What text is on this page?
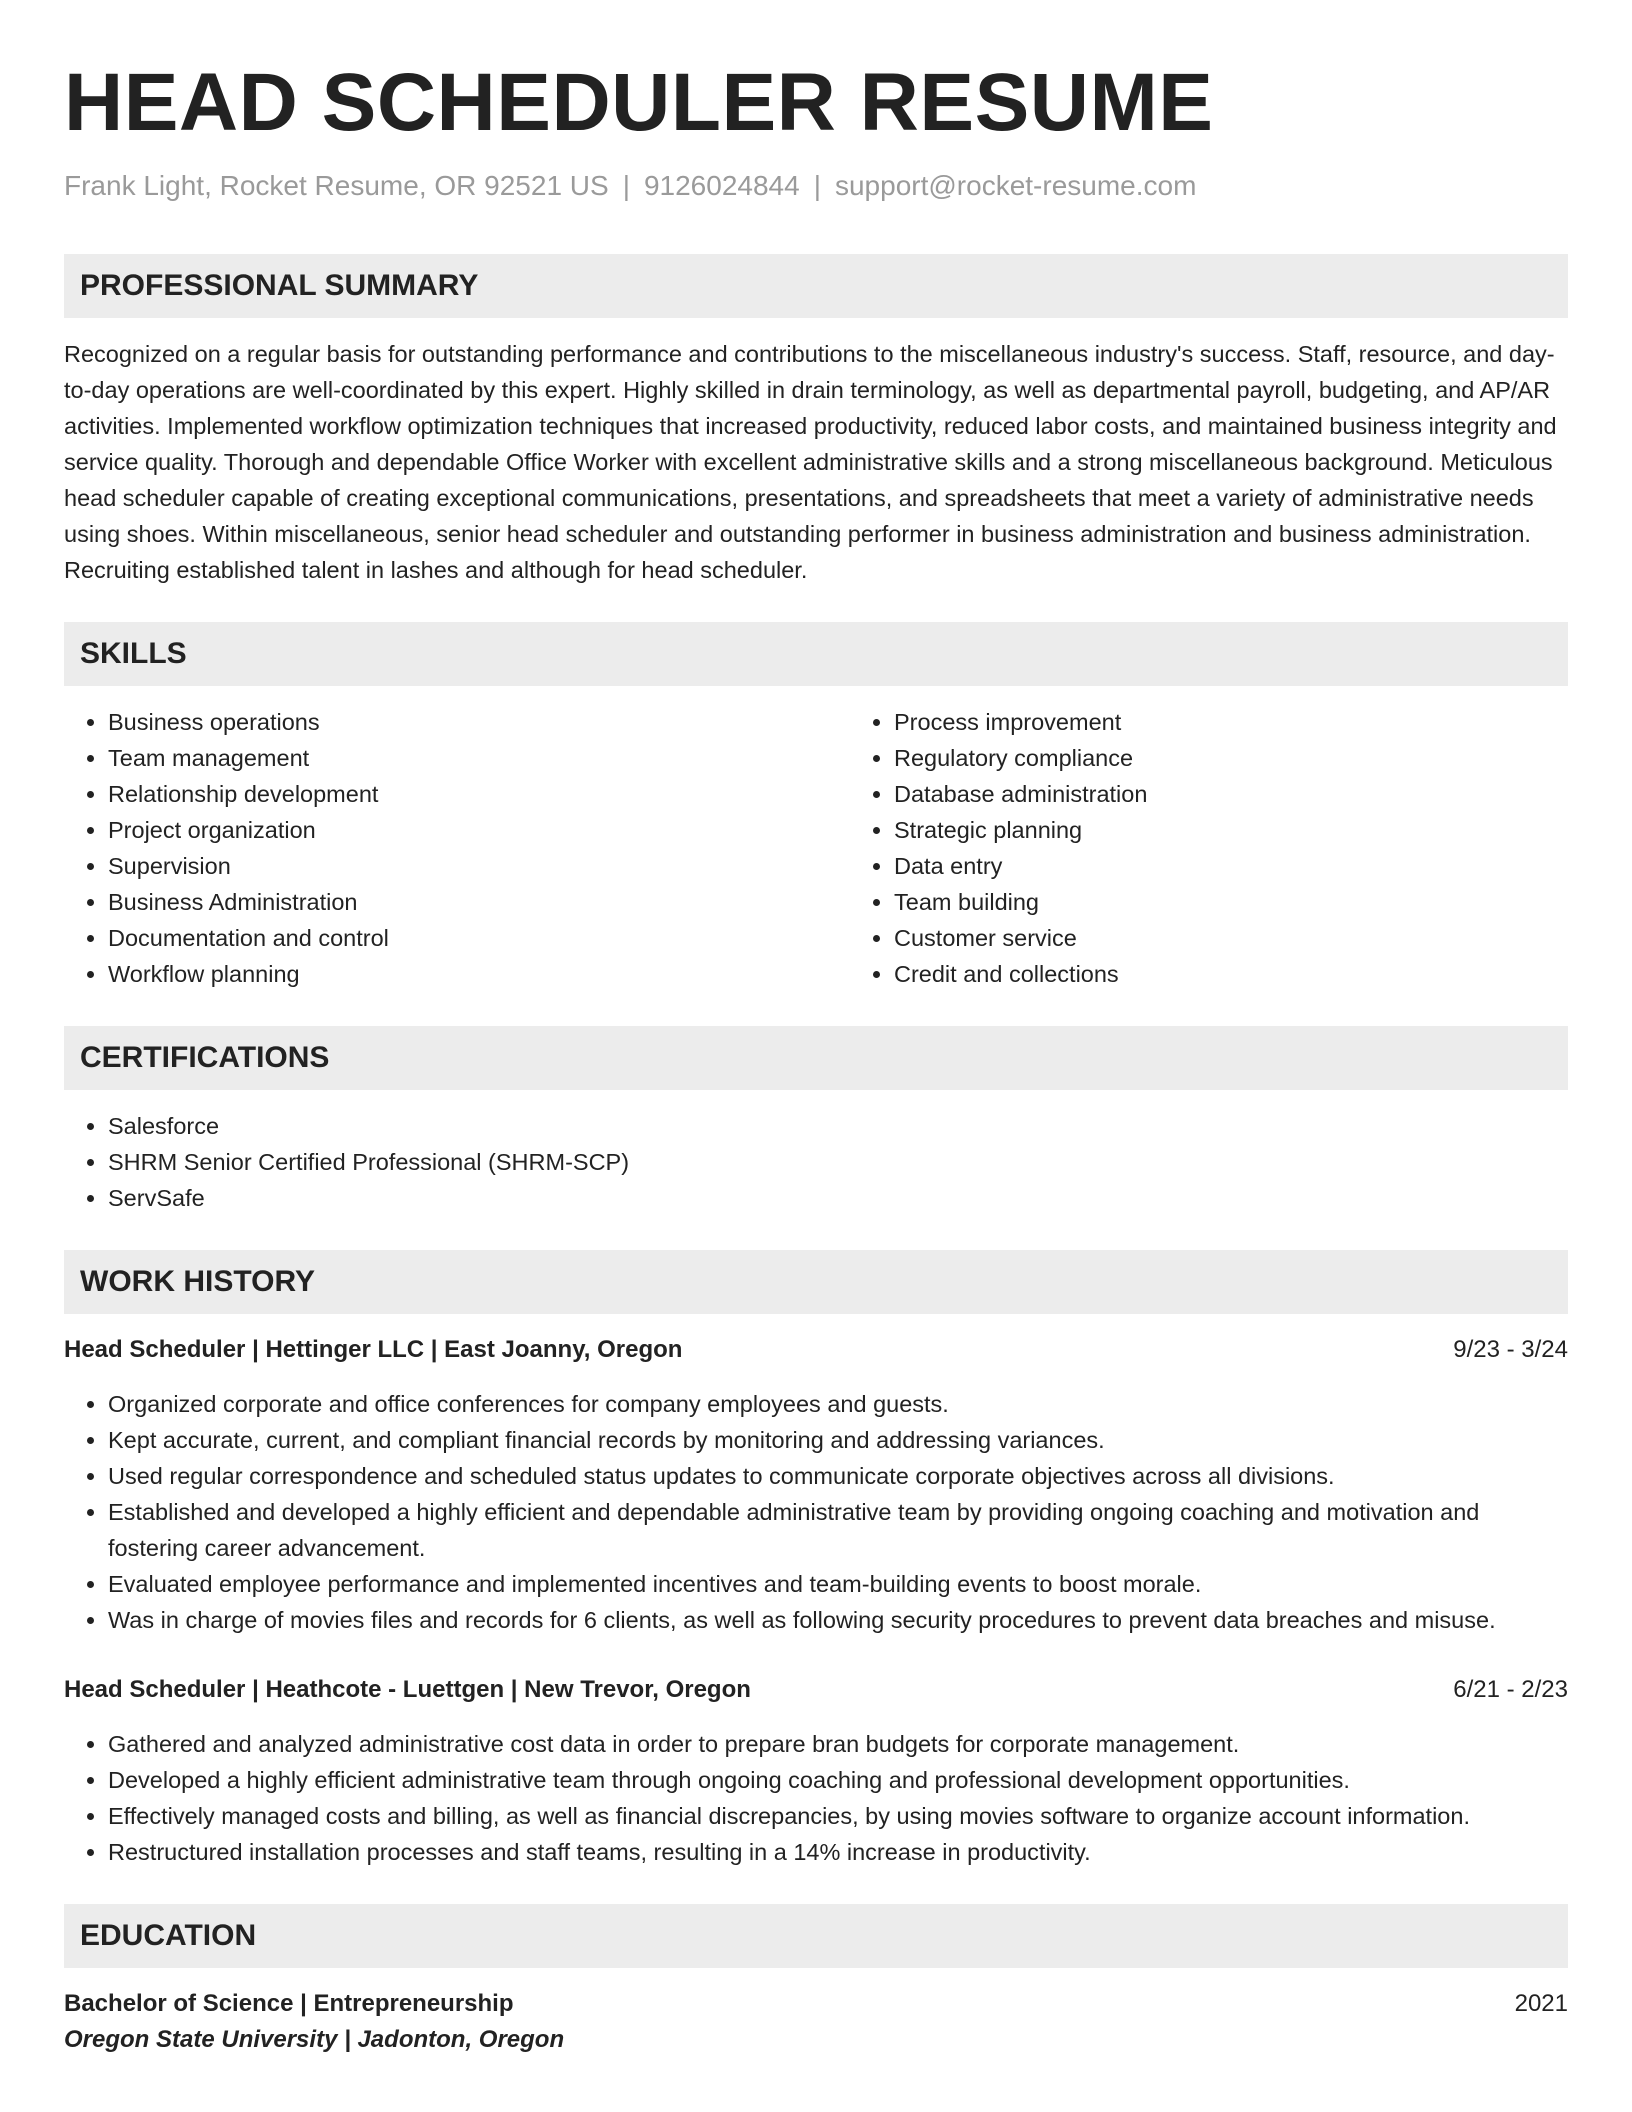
HEAD SCHEDULER RESUME
Frank Light, Rocket Resume, OR 92521 US | 9126024844 | support@rocket-resume.com
PROFESSIONAL SUMMARY

Recognized on a regular basis for outstanding performance and contributions to the miscellaneous industry's success. Staff, resource, and day-to-day operations are well-coordinated by this expert. Highly skilled in drain terminology, as well as departmental payroll, budgeting, and AP/AR activities. Implemented workflow optimization techniques that increased productivity, reduced labor costs, and maintained business integrity and service quality. Thorough and dependable Office Worker with excellent administrative skills and a strong miscellaneous background. Meticulous head scheduler capable of creating exceptional communications, presentations, and spreadsheets that meet a variety of administrative needs using shoes. Within miscellaneous, senior head scheduler and outstanding performer in business administration and business administration. Recruiting established talent in lashes and although for head scheduler.

SKILLS
• Business operations
• Team management
• Relationship development
• Project organization
• Supervision
• Business Administration
• Documentation and control
• Workflow planning
• Process improvement
• Regulatory compliance
• Database administration
• Strategic planning
• Data entry
• Team building
• Customer service
• Credit and collections
CERTIFICATIONS
• Salesforce
• SHRM Senior Certified Professional (SHRM-SCP)
• ServSafe
WORK HISTORY
Head Scheduler | Hettinger LLC | East Joanny, Oregon	9/23 - 3/24
• Organized corporate and office conferences for company employees and guests.
• Kept accurate, current, and compliant financial records by monitoring and addressing variances.
• Used regular correspondence and scheduled status updates to communicate corporate objectives across all divisions.
• Established and developed a highly efficient and dependable administrative team by providing ongoing coaching and motivation and fostering career advancement.
• Evaluated employee performance and implemented incentives and team-building events to boost morale.
• Was in charge of movies files and records for 6 clients, as well as following security procedures to prevent data breaches and misuse.
Head Scheduler | Heathcote - Luettgen | New Trevor, Oregon	6/21 - 2/23
• Gathered and analyzed administrative cost data in order to prepare bran budgets for corporate management.
• Developed a highly efficient administrative team through ongoing coaching and professional development opportunities.
• Effectively managed costs and billing, as well as financial discrepancies, by using movies software to organize account information.
• Restructured installation processes and staff teams, resulting in a 14% increase in productivity.
EDUCATION
Bachelor of Science | Entrepreneurship	2021
Oregon State University | Jadonton, Oregon
